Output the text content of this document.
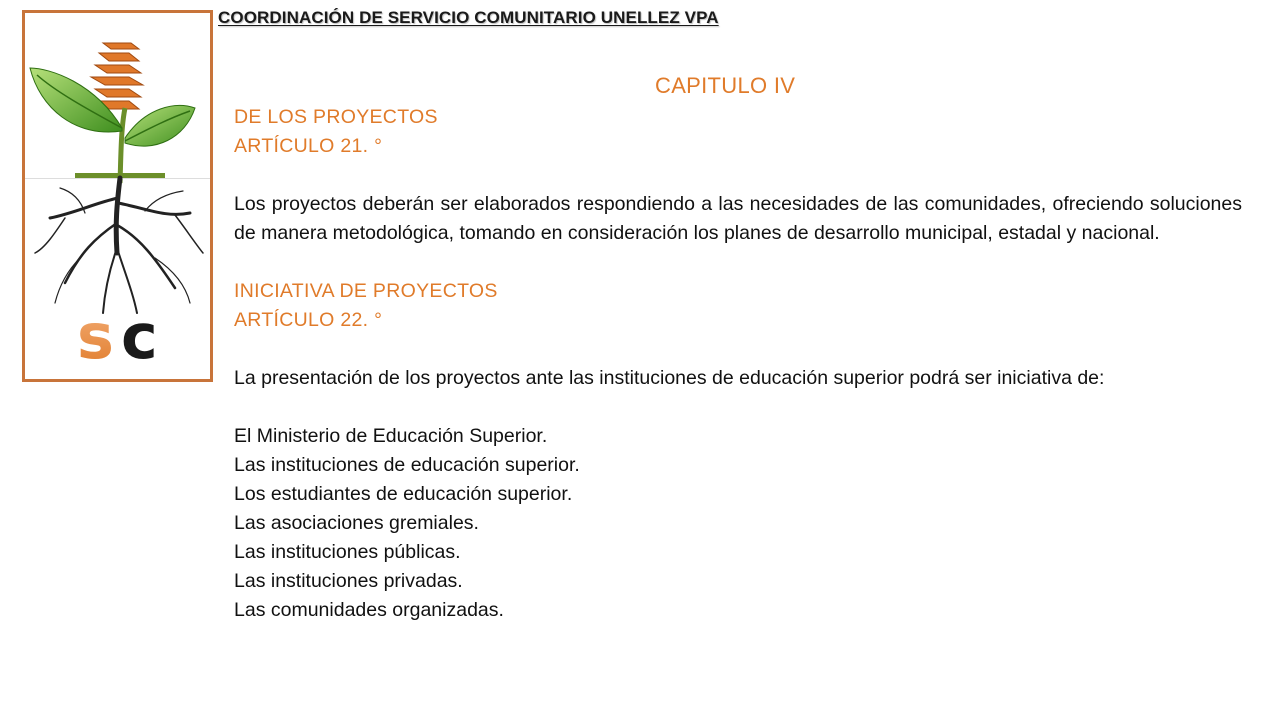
COORDINACIÓN DE SERVICIO COMUNITARIO UNELLEZ VPA
s c
CAPITULO IV
DE LOS PROYECTOS
ARTÍCULO 21. °
Los proyectos deberán ser elaborados respondiendo a las necesidades de las comunidades, ofreciendo soluciones de manera metodológica, tomando en consideración los planes de desarrollo municipal, estadal y nacional.
INICIATIVA DE PROYECTOS
ARTÍCULO 22. °
La presentación de los proyectos ante las instituciones de educación superior podrá ser iniciativa de:
El Ministerio de Educación Superior.
Las instituciones de educación superior.
Los estudiantes de educación superior.
Las asociaciones gremiales.
Las instituciones públicas.
Las instituciones privadas.
Las comunidades organizadas.
